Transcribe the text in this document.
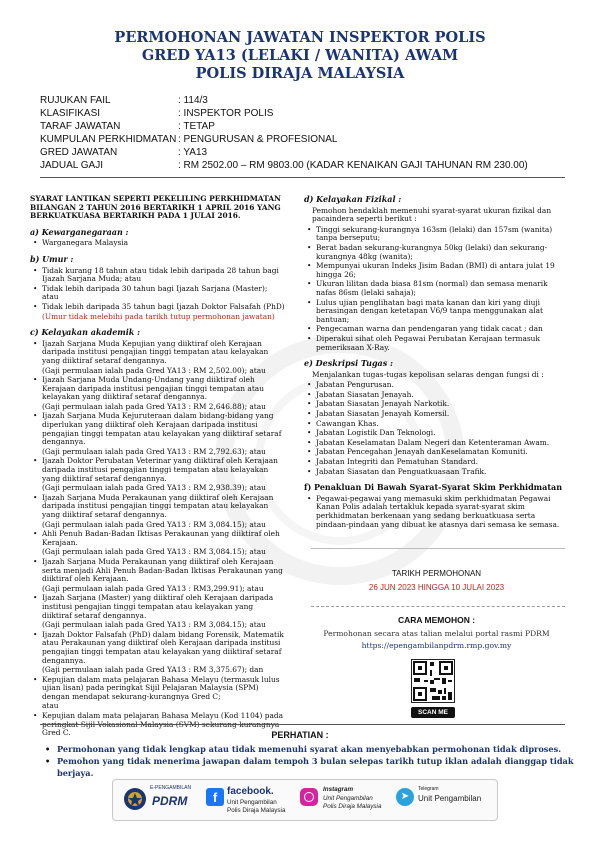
PERMOHONAN JAWATAN INSPEKTOR POLIS
GRED YA13 (LELAKI / WANITA) AWAM
POLIS DIRAJA MALAYSIA
RUJUKAN FAIL	: 114/3
KLASIFIKASI	: INSPEKTOR POLIS
TARAF JAWATAN	: TETAP
KUMPULAN PERKHIDMATAN : PENGURUSAN & PROFESIONAL
GRED JAWATAN	: YA13
JADUAL GAJI	: RM 2502.00 – RM 9803.00 (KADAR KENAIKAN GAJI TAHUNAN RM 230.00)
SYARAT LANTIKAN SEPERTI PEKELILING PERKHIDMATAN BILANGAN 2 TAHUN 2016 BERTARIKH 1 APRIL 2016 YANG BERKUATKUASA BERTARIKH PADA 1 JULAI 2016.
a) Kewarganegaraan :
• Warganegara Malaysia
b) Umur :
• Tidak kurang 18 tahun atau tidak lebih daripada 28 tahun bagi Ijazah Sarjana Muda; atau
• Tidak lebih daripada 30 tahun bagi Ijazah Sarjana (Master); atau
• Tidak lebih daripada 35 tahun bagi Ijazah Doktor Falsafah (PhD)
(Umur tidak melebihi pada tarikh tutup permohonan jawatan)
c) Kelayakan akademik :
• Ijazah Sarjana Muda Kepujian yang diiktiraf oleh Kerajaan daripada institusi pengajian tinggi tempatan atau kelayakan yang diiktiraf setaraf dengannya.
(Gaji permulaan ialah pada Gred YA13 : RM 2,502.00); atau
• Ijazah Sarjana Muda Undang-Undang yang diiktiraf oleh Kerajaan daripada institusi pengajian tinggi tempatan atau kelayakan yang diiktiraf setaraf dengannya.
(Gaji permulaan ialah pada Gred YA13 : RM 2,646.88); atau
• Ijazah Sarjana Muda Kejuruteraan dalam bidang-bidang yang diperlukan yang diiktiraf oleh Kerajaan daripada institusi pengajian tinggi tempatan atau kelayakan yang diiktiraf setaraf dengannya.
(Gaji permulaan ialah pada Gred YA13 : RM 2,792.63); atau
• Ijazah Doktor Perubatan Veterinar yang diiktiraf oleh Kerajaan daripada institusi pengajian tinggi tempatan atau kelayakan yang diiktiraf setaraf dengannya.
(Gaji permulaan ialah pada Gred YA13 : RM 2,938.39); atau
• Ijazah Sarjana Muda Perakaunan yang diiktiraf oleh Kerajaan daripada institusi pengajian tinggi tempatan atau kelayakan yang diiktiraf setaraf dengannya.
(Gaji permulaan ialah pada Gred YA13 : RM 3,084.15); atau
• Ahli Penuh Badan-Badan Iktisas Perakaunan yang diiktiraf oleh Kerajaan.
(Gaji permulaan ialah pada Gred YA13 : RM 3,084.15); atau
• Ijazah Sarjana Muda Perakaunan yang diiktiraf oleh Kerajaan serta menjadi Ahli Penuh Badan-Badan Iktisas Perakaunan yang diiktiraf oleh Kerajaan.
(Gaji permulaan ialah pada Gred YA13 : RM3,299.91); atau
• Ijazah Sarjana (Master) yang diiktiraf oleh Kerajaan daripada institusi pengajian tinggi tempatan atau kelayakan yang diiktiraf setaraf dengannya.
(Gaji permulaan ialah pada Gred YA13 : RM 3,084.15); atau
• Ijazah Doktor Falsafah (PhD) dalam bidang Forensik, Matematik atau Perakaunan yang diiktiraf oleh Kerajaan daripada institusi pengajian tinggi tempatan atau kelayakan yang diiktiraf setaraf dengannya.
(Gaji permulaan ialah pada Gred YA13 : RM 3,375.67); dan
• Kepujian dalam mata pelajaran Bahasa Melayu (termasuk lulus ujian lisan) pada peringkat Sijil Pelajaran Malaysia (SPM) dengan mendapat sekurang-kurangnya Gred C;
atau
• Kepujian dalam mata pelajaran Bahasa Melayu (Kod 1104) pada Gred C.
d) Kelayakan Fizikal :
Pemohon hendaklah memenuhi syarat-syarat ukuran fizikal dan pacaindera seperti berikut :
• Tinggi sekurang-kurangnya 163sm (lelaki) dan 157sm (wanita) tanpa berseputu;
• Berat badan sekurang-kurangnya 50kg (lelaki) dan sekurang-kurangnya 48kg (wanita);
• Mempunyai ukuran Indeks Jisim Badan (BMI) di antara julat 19 hingga 26;
• Ukuran lilitan dada biasa 81sm (normal) dan semasa menarik nafas 86sm (lelaki sahaja);
• Lulus ujian penglihatan bagi mata kanan dan kiri yang diuji berasingan dengan ketetapan V6/9 tanpa menggunakan alat bantuan;
• Pengecaman warna dan pendengaran yang tidak cacat ; dan
• Diperakui sihat oleh Pegawai Perubatan Kerajaan termasuk pemeriksaan X-Ray.
e) Deskripsi Tugas :
Menjalankan tugas-tugas kepolisan selaras dengan fungsi di :
• Jabatan Pengurusan.
• Jabatan Siasatan Jenayah.
• Jabatan Siasatan Jenayah Narkotik.
• Jabatan Siasatan Jenayah Komersil.
• Cawangan Khas.
• Jabatan Logistik Dan Teknologi.
• Jabatan Keselamatan Dalam Negeri dan Ketenteraman Awam.
• Jabatan Pencegahan Jenayah danKeselamatan Komuniti.
• Jabatan Integriti dan Pematuhan Standard.
• Jabatan Siasatan dan Penguatkuasaan Trafik.
f) Penakluan Di Bawah Syarat-Syarat Skim Perkhidmatan
• Pegawai-pegawai yang memasuki skim perkhidmatan Pegawai Kanan Polis adalah tertakluk kepada syarat-syarat skim perkhidmatan berkenaan yang sedang berkuatkuasa serta pindaan-pindaan yang dibuat ke atasnya dari semasa ke semasa.
TARIKH PERMOHONAN
26 JUN 2023 HINGGA 10 JULAI 2023
CARA MEMOHON :
Permohonan secara atas talian melalui portal rasmi PDRM
https://epengambilanpdrm.rmp.gov.my
SCAN ME
PERHATIAN :
• Permohonan yang tidak lengkap atau tidak memenuhi syarat akan menyebabkan permohonan tidak diproses.
• Pemohon yang tidak menerima jawapan dalam tempoh 3 bulan selepas tarikh tutup iklan adalah dianggap tidak berjaya.
E-PENGAMBILAN
PDRM	f facebook.
Unit Pengambilan
Polis Diraja Malaysia
Instagram
Unit Pengambilan
Polis Diraja Malaysia
➤
Telegram
Unit Pengambilan
